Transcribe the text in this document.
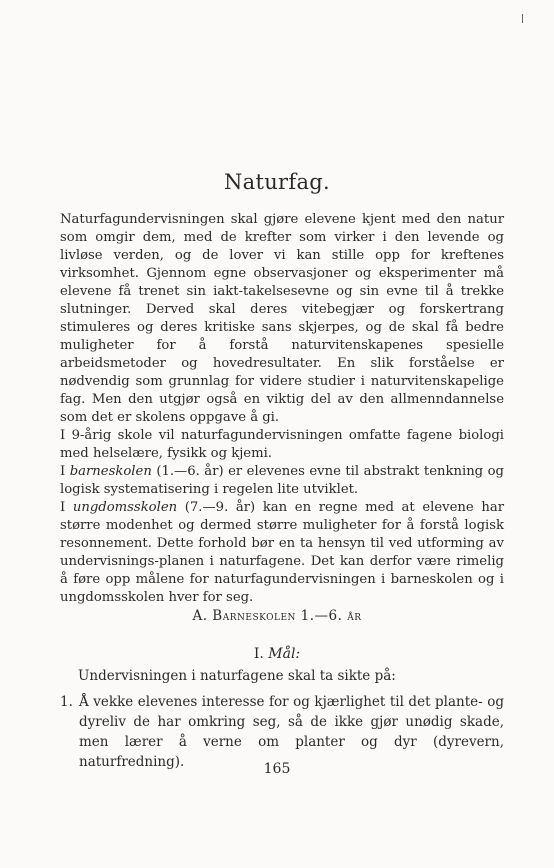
Naturfag.

Naturfagundervisningen skal gjøre elevene kjent med den natur som omgir dem, med de krefter som virker i den levende og livløse verden, og de lover vi kan stille opp for kreftenes virksomhet. Gjennom egne observasjoner og eksperimenter må elevene få trenet sin iakt-takelsesevne og sin evne til å trekke slutninger. Derved skal deres vitebegjær og forskertrang stimuleres og deres kritiske sans skjerpes, og de skal få bedre muligheter for å forstå naturvitenskapenes spesielle arbeidsmetoder og hovedresultater. En slik forståelse er nødvendig som grunnlag for videre studier i naturvitenskapelige fag. Men den utgjør også en viktig del av den allmenndannelse som det er skolens oppgave å gi.

I 9-årig skole vil naturfagundervisningen omfatte fagene biologi med helselære, fysikk og kjemi.

I barneskolen (1.—6. år) er elevenes evne til abstrakt tenkning og logisk systematisering i regelen lite utviklet.

I ungdomsskolen (7.—9. år) kan en regne med at elevene har større modenhet og dermed større muligheter for å forstå logisk resonnement. Dette forhold bør en ta hensyn til ved utforming av undervisnings-planen i naturfagene. Det kan derfor være rimelig å føre opp målene for naturfagundervisningen i barneskolen og i ungdomsskolen hver for seg.

A. Barneskolen 1.—6. år
I. Mål:
Undervisningen i naturfagene skal ta sikte på:
1. Å vekke elevenes interesse for og kjærlighet til det plante- og dyreliv de har omkring seg, så de ikke gjør unødig skade, men lærer å verne om planter og dyr (dyrevern, naturfredning).	165
